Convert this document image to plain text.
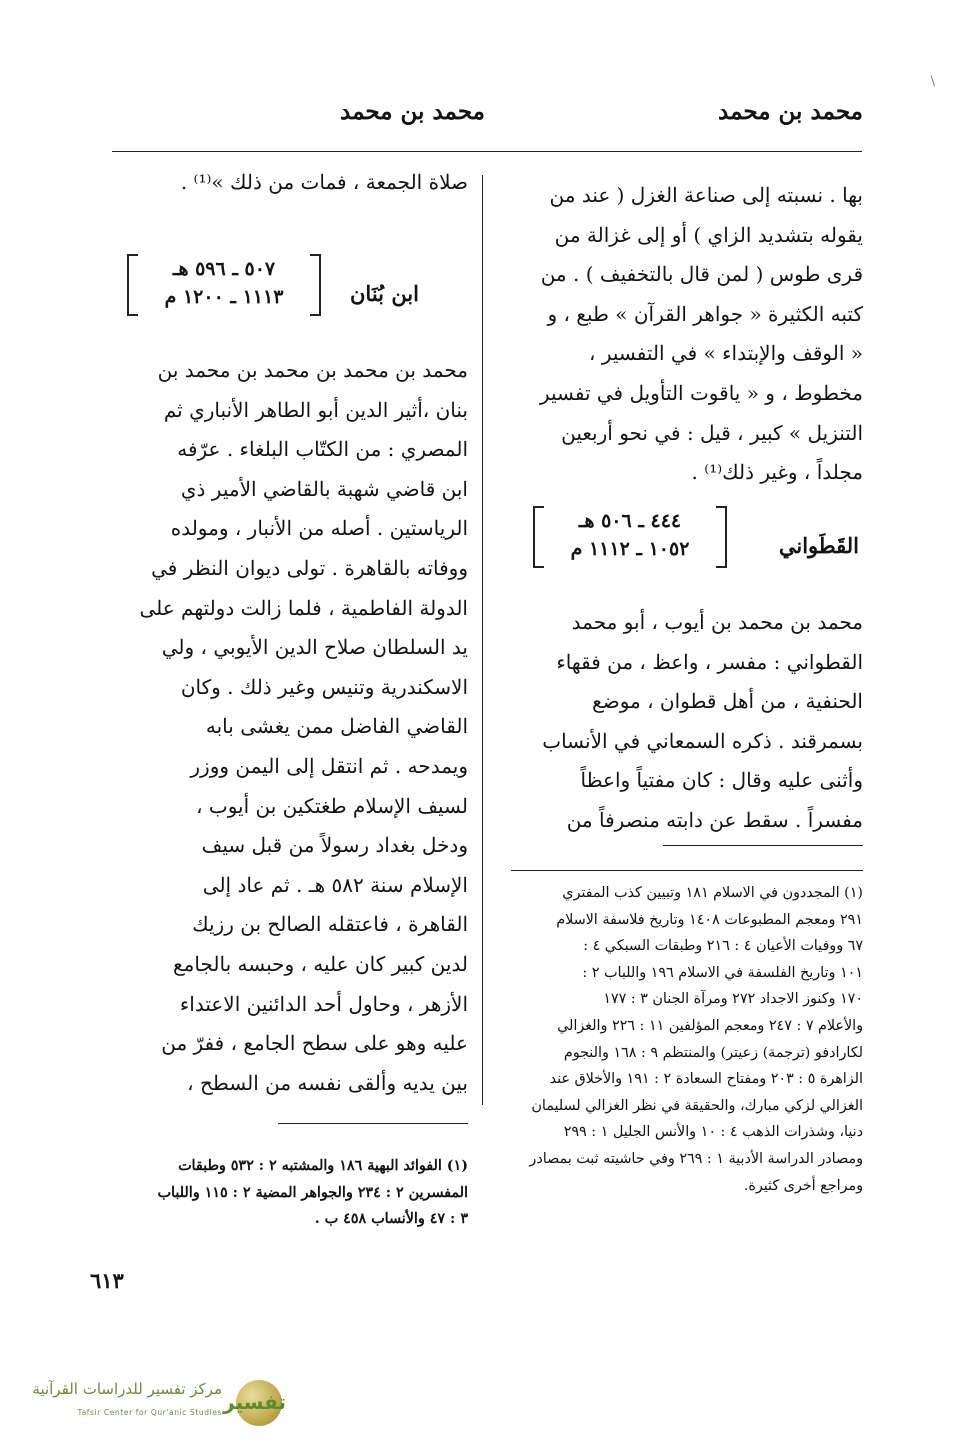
\
محمد بن محمد
محمد بن محمد
بها . نسبته إلى صناعة الغزل ( عند من
يقوله بتشديد الزاي ) أو إلى غزالة من
قرى طوس ( لمن قال بالتخفيف ) . من
كتبه الكثيرة « جواهر القرآن » طبع ، و
« الوقف والإبتداء » في التفسير ،
مخطوط ، و « ياقوت التأويل في تفسير
التنزيل » كبير ، قيل : في نحو أربعين
مجلداً ، وغير ذلك⁽¹⁾ .
القَطَواني
٤٤٤ ـ ٥٠٦ هـ
١٠٥٢ ـ ١١١٢ م
محمد بن محمد بن أيوب ، أبو محمد
القطواني : مفسر ، واعظ ، من فقهاء
الحنفية ، من أهل قطوان ، موضع
بسمرقند . ذكره السمعاني في الأنساب
وأثنى عليه وقال : كان مفتياً واعظاً
مفسراً . سقط عن دابته منصرفاً من
(١) المجددون في الاسلام ١٨١ وتبيين كذب المفتري
٢٩١ ومعجم المطبوعات ١٤٠٨ وتاريخ فلاسفة الاسلام
٦٧ ووفيات الأعيان ٤ : ٢١٦ وطبقات السبكي ٤ :
١٠١ وتاريخ الفلسفة في الاسلام ١٩٦ واللباب ٢ :
١٧٠ وكنوز الاجداد ٢٧٢ ومرآة الجنان ٣ : ١٧٧
والأعلام ٧ : ٢٤٧ ومعجم المؤلفين ١١ : ٢٢٦ والغزالي
لكارادفو (ترجمة) زعيتر) والمنتظم ٩ : ١٦٨ والنجوم
الزاهرة ٥ : ٢٠٣ ومفتاح السعادة ٢ : ١٩١ والأخلاق عند
الغزالي لزكي مبارك، والحقيقة في نظر الغزالي لسليمان
دنيا، وشذرات الذهب ٤ : ١٠ والأنس الجليل ١ : ٢٩٩
ومصادر الدراسة الأدبية ١ : ٢٦٩ وفي حاشيته ثبت بمصادر
ومراجع أخرى كثيرة.
صلاة الجمعة ، فمات من ذلك »⁽¹⁾ .
ابن بُنَان
٥٠٧ ـ ٥٩٦ هـ
١١١٣ ـ ١٢٠٠ م
محمد بن محمد بن محمد بن محمد بن
بنان ،أثير الدين أبو الطاهر الأنباري ثم
المصري : من الكتّاب البلغاء . عرّفه
ابن قاضي شهبة بالقاضي الأمير ذي
الرياستين . أصله من الأنبار ، ومولده
ووفاته بالقاهرة . تولى ديوان النظر في
الدولة الفاطمية ، فلما زالت دولتهم على
يد السلطان صلاح الدين الأيوبي ، ولي
الاسكندرية وتنيس وغير ذلك . وكان
القاضي الفاضل ممن يغشى بابه
ويمدحه . ثم انتقل إلى اليمن ووزر
لسيف الإسلام طغتكين بن أيوب ،
ودخل بغداد رسولاً من قبل سيف
الإسلام سنة ٥٨٢ هـ . ثم عاد إلى
القاهرة ، فاعتقله الصالح بن رزيك
لدين كبير كان عليه ، وحبسه بالجامع
الأزهر ، وحاول أحد الدائنين الاعتداء
عليه وهو على سطح الجامع ، ففرّ من
بين يديه وألقى نفسه من السطح ،
(١) الفوائد البهية ١٨٦ والمشتبه ٢ : ٥٣٢ وطبقات
المفسرين ٢ : ٢٣٤ والجواهر المضية ٢ : ١١٥ واللباب
٣ : ٤٧ والأنساب ٤٥٨ ب .
٦١٣
تفسير
مركز تفسير للدراسات القرآنية
Tafsir Center for Qur'anic Studies
